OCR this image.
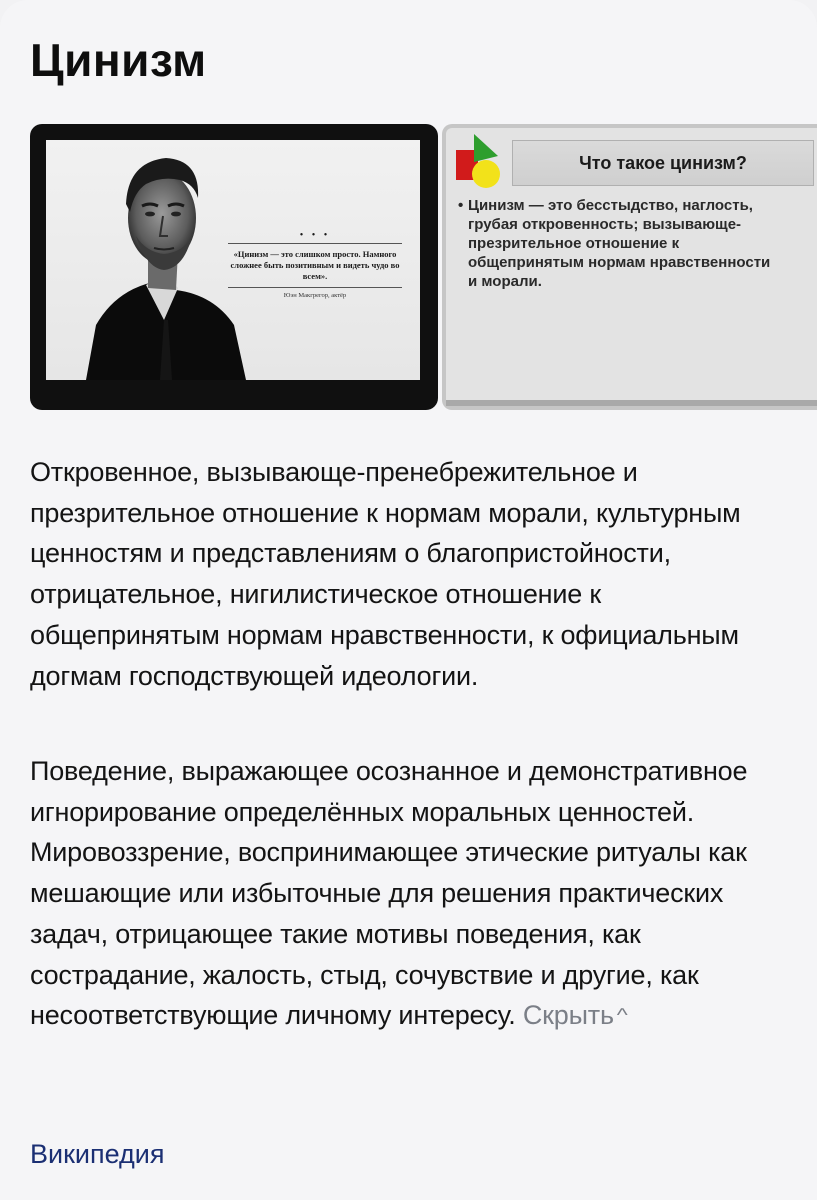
Цинизм
• • •
«Цинизм — это слишком просто. Намного сложнее быть позитивным и видеть чудо во всем».
Юэн Макгрегор, актёр
Что такое цинизм?
• Цинизм — это бесстыдство, наглость, грубая откровенность; вызывающе-презрительное отношение к общепринятым нормам нравственности и морали.

Откровенное, вызывающе-пренебрежительное и презрительное отношение к нормам морали, культурным ценностям и представлениям о благопристойности, отрицательное, нигилистическое отношение к общепринятым нормам нравственности, к официальным догмам господствующей идеологии.

Поведение, выражающее осознанное и демонстративное игнорирование определённых моральных ценностей. Мировоззрение, воспринимающее этические ритуалы как мешающие или избыточные для решения практических задач, отрицающее такие мотивы поведения, как сострадание, жалость, стыд, сочувствие и другие, как несоответствующие личному интересу. Скрыть ^

Википедия
